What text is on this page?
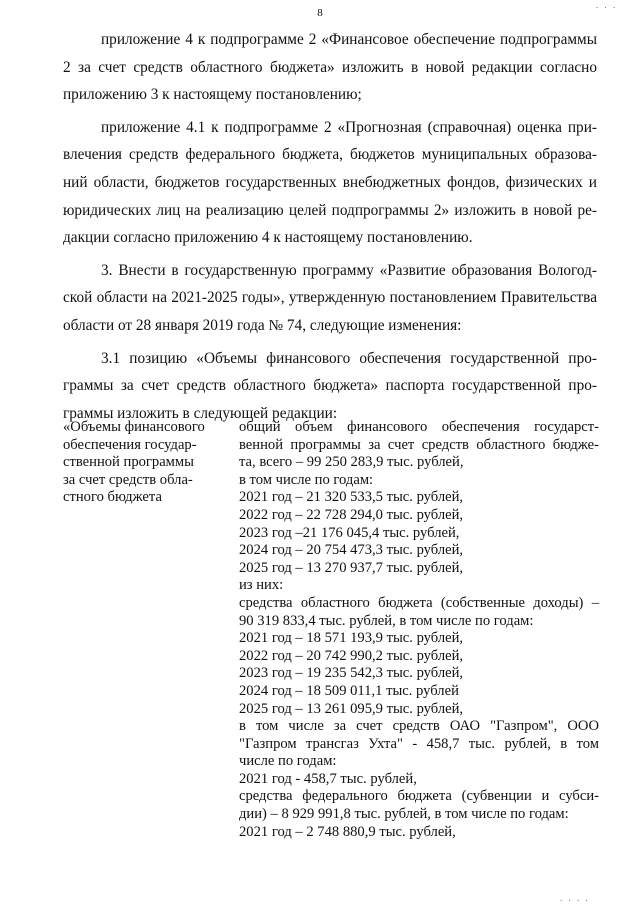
8

приложение 4 к подпрограмме 2 «Финансовое обеспечение подпрограммы 2 за счет средств областного бюджета» изложить в новой редакции согласно приложению 3 к настоящему постановлению;

приложение 4.1 к подпрограмме 2 «Прогнозная (справочная) оценка привлечения средств федерального бюджета, бюджетов муниципальных образований области, бюджетов государственных внебюджетных фондов, физических и юридических лиц на реализацию целей подпрограммы 2» изложить в новой редакции согласно приложению 4 к настоящему постановлению.

3. Внести в государственную программу «Развитие образования Вологодской области на 2021-2025 годы», утвержденную постановлением Правительства области от 28 января 2019 года № 74, следующие изменения:

3.1 позицию «Объемы финансового обеспечения государственной программы за счет средств областного бюджета» паспорта государственной программы изложить в следующей редакции:

«Объемы финансового
обеспечения государ-
ственной программы
за счет средств обла-
стного бюджета
общий объем финансового обеспечения государст-
венной программы за счет средств областного бюдже-
та, всего – 99 250 283,9 тыс. рублей,
в том числе по годам:
2021 год – 21 320 533,5 тыс. рублей,
2022 год – 22 728 294,0 тыс. рублей,
2023 год –21 176 045,4 тыс. рублей,
2024 год – 20 754 473,3 тыс. рублей,
2025 год – 13 270 937,7 тыс. рублей,
из них:
средства областного бюджета (собственные доходы) –
90 319 833,4 тыс. рублей, в том числе по годам:
2021 год – 18 571 193,9 тыс. рублей,
2022 год – 20 742 990,2 тыс. рублей,
2023 год – 19 235 542,3 тыс. рублей,
2024 год – 18 509 011,1 тыс. рублей
2025 год – 13 261 095,9 тыс. рублей,
в том числе за счет средств ОАО "Газпром", ООО
"Газпром трансгаз Ухта" - 458,7 тыс. рублей, в том
числе по годам:
2021 год - 458,7 тыс. рублей,
средства федерального бюджета (субвенции и субси-
дии) – 8 929 991,8 тыс. рублей, в том числе по годам:
2021 год – 2 748 880,9 тыс. рублей,
. . .
. . . .
